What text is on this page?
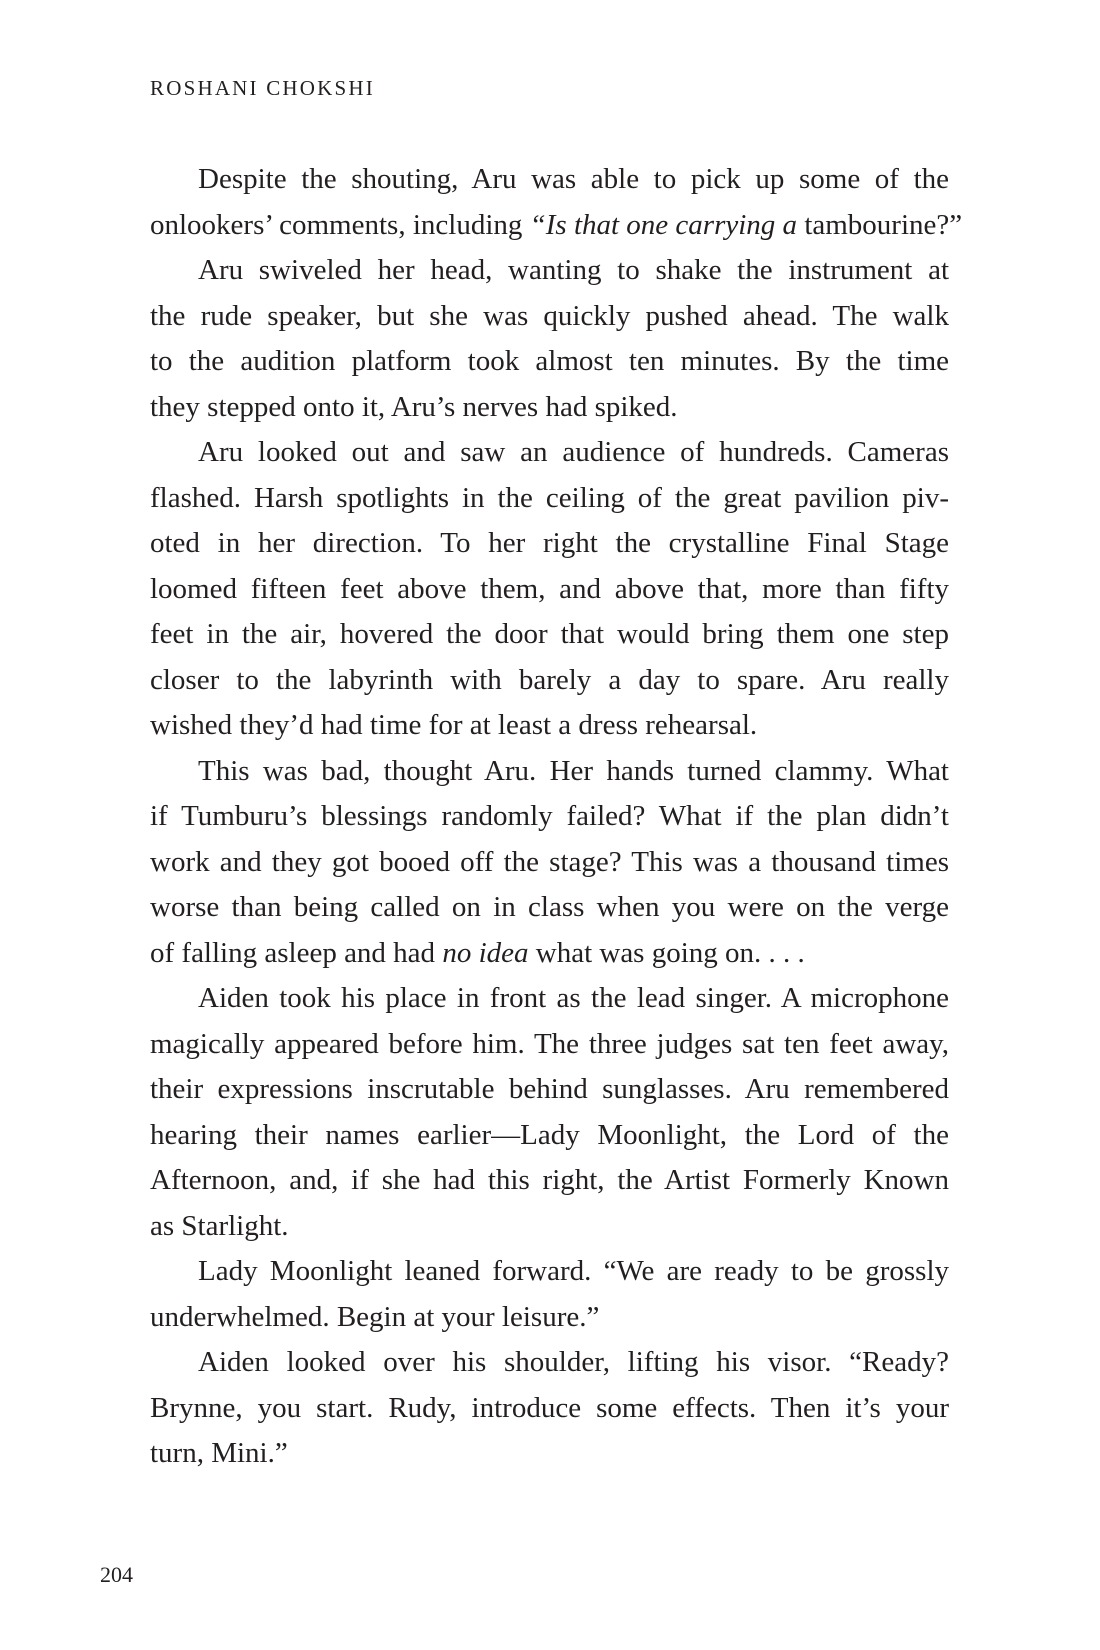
ROSHANI CHOKSHI
Despite the shouting, Aru was able to pick up some of the
onlookers’ comments, including “Is that one carrying a tambourine?”
Aru swiveled her head, wanting to shake the instrument at
the rude speaker, but she was quickly pushed ahead. The walk
to the audition platform took almost ten minutes. By the time
they stepped onto it, Aru’s nerves had spiked.
Aru looked out and saw an audience of hundreds. Cameras
flashed. Harsh spotlights in the ceiling of the great pavilion piv-
oted in her direction. To her right the crystalline Final Stage
loomed fifteen feet above them, and above that, more than fifty
feet in the air, hovered the door that would bring them one step
closer to the labyrinth with barely a day to spare. Aru really
wished they’d had time for at least a dress rehearsal.
This was bad, thought Aru. Her hands turned clammy. What
if Tumburu’s blessings randomly failed? What if the plan didn’t
work and they got booed off the stage? This was a thousand times
worse than being called on in class when you were on the verge
of falling asleep and had no idea what was going on. . . .
Aiden took his place in front as the lead singer. A microphone
magically appeared before him. The three judges sat ten feet away,
their expressions inscrutable behind sunglasses. Aru remembered
hearing their names earlier—Lady Moonlight, the Lord of the
Afternoon, and, if she had this right, the Artist Formerly Known
as Starlight.
Lady Moonlight leaned forward. “We are ready to be grossly
underwhelmed. Begin at your leisure.”
Aiden looked over his shoulder, lifting his visor. “Ready?
Brynne, you start. Rudy, introduce some effects. Then it’s your
turn, Mini.”
204
